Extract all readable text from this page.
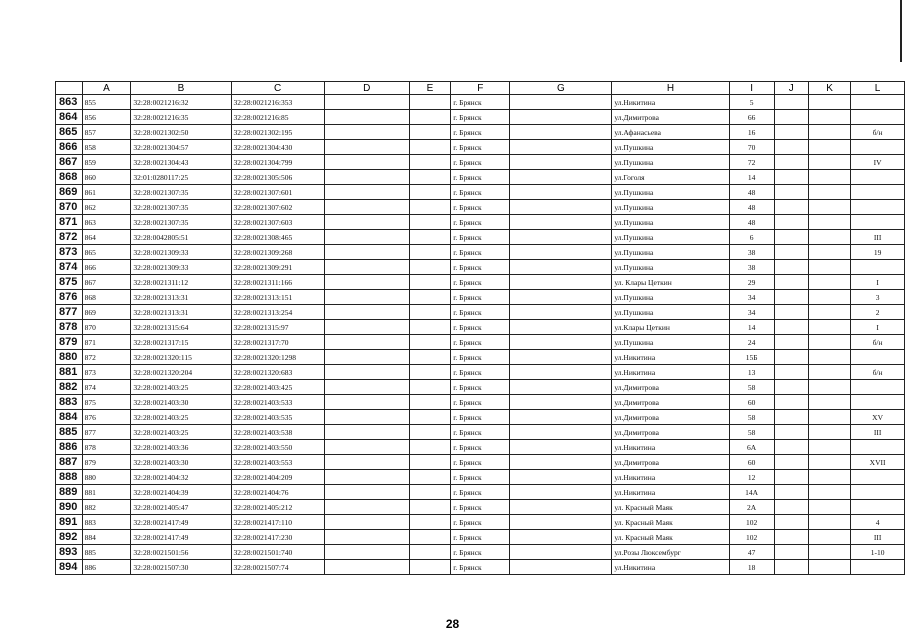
	A	B	C	D	E	F	G	H	I	J	K	L
863	855	32:28:0021216:32	32:28:0021216:353			г. Брянск		ул.Никитина	5			
864	856	32:28:0021216:35	32:28:0021216:85			г. Брянск		ул.Димитрова	66			
865	857	32:28:0021302:50	32:28:0021302:195			г. Брянск		ул.Афанасьева	16			б/н
866	858	32:28:0021304:57	32:28:0021304:430			г. Брянск		ул.Пушкина	70			
867	859	32:28:0021304:43	32:28:0021304:799			г. Брянск		ул.Пушкина	72			IV
868	860	32:01:0280117:25	32:28:0021305:506			г. Брянск		ул.Гоголя	14			
869	861	32:28:0021307:35	32:28:0021307:601			г. Брянск		ул.Пушкина	48			
870	862	32:28:0021307:35	32:28:0021307:602			г. Брянск		ул.Пушкина	48			
871	863	32:28:0021307:35	32:28:0021307:603			г. Брянск		ул.Пушкина	48			
872	864	32:28:0042805:51	32:28:0021308:465			г. Брянск		ул.Пушкина	6			III
873	865	32:28:0021309:33	32:28:0021309:268			г. Брянск		ул.Пушкина	38			19
874	866	32:28:0021309:33	32:28:0021309:291			г. Брянск		ул.Пушкина	38			
875	867	32:28:0021311:12	32:28:0021311:166			г. Брянск		ул. Клары Цеткин	29			I
876	868	32:28:0021313:31	32:28:0021313:151			г. Брянск		ул.Пушкина	34			3
877	869	32:28:0021313:31	32:28:0021313:254			г. Брянск		ул.Пушкина	34			2
878	870	32:28:0021315:64	32:28:0021315:97			г. Брянск		ул.Клары Цеткин	14			I
879	871	32:28:0021317:15	32:28:0021317:70			г. Брянск		ул.Пушкина	24			б/н
880	872	32:28:0021320:115	32:28:0021320:1298			г. Брянск		ул.Никитина	15Б			
881	873	32:28:0021320:204	32:28:0021320:683			г. Брянск		ул.Никитина	13			б/н
882	874	32:28:0021403:25	32:28:0021403:425			г. Брянск		ул.Димитрова	58			
883	875	32:28:0021403:30	32:28:0021403:533			г. Брянск		ул.Димитрова	60			
884	876	32:28:0021403:25	32:28:0021403:535			г. Брянск		ул.Димитрова	58			XV
885	877	32:28:0021403:25	32:28:0021403:538			г. Брянск		ул.Димитрова	58			III
886	878	32:28:0021403:36	32:28:0021403:550			г. Брянск		ул.Никитина	6А			
887	879	32:28:0021403:30	32:28:0021403:553			г. Брянск		ул.Димитрова	60			XVII
888	880	32:28:0021404:32	32:28:0021404:209			г. Брянск		ул.Никитина	12			
889	881	32:28:0021404:39	32:28:0021404:76			г. Брянск		ул.Никитина	14А			
890	882	32:28:0021405:47	32:28:0021405:212			г. Брянск		ул. Красный Маяк	2А			
891	883	32:28:0021417:49	32:28:0021417:110			г. Брянск		ул. Красный Маяк	102			4
892	884	32:28:0021417:49	32:28:0021417:230			г. Брянск		ул. Красный Маяк	102			III
893	885	32:28:0021501:56	32:28:0021501:740			г. Брянск		ул.Розы Люксембург	47			1-10
894	886	32:28:0021507:30	32:28:0021507:74			г. Брянск		ул.Никитина	18			
28
